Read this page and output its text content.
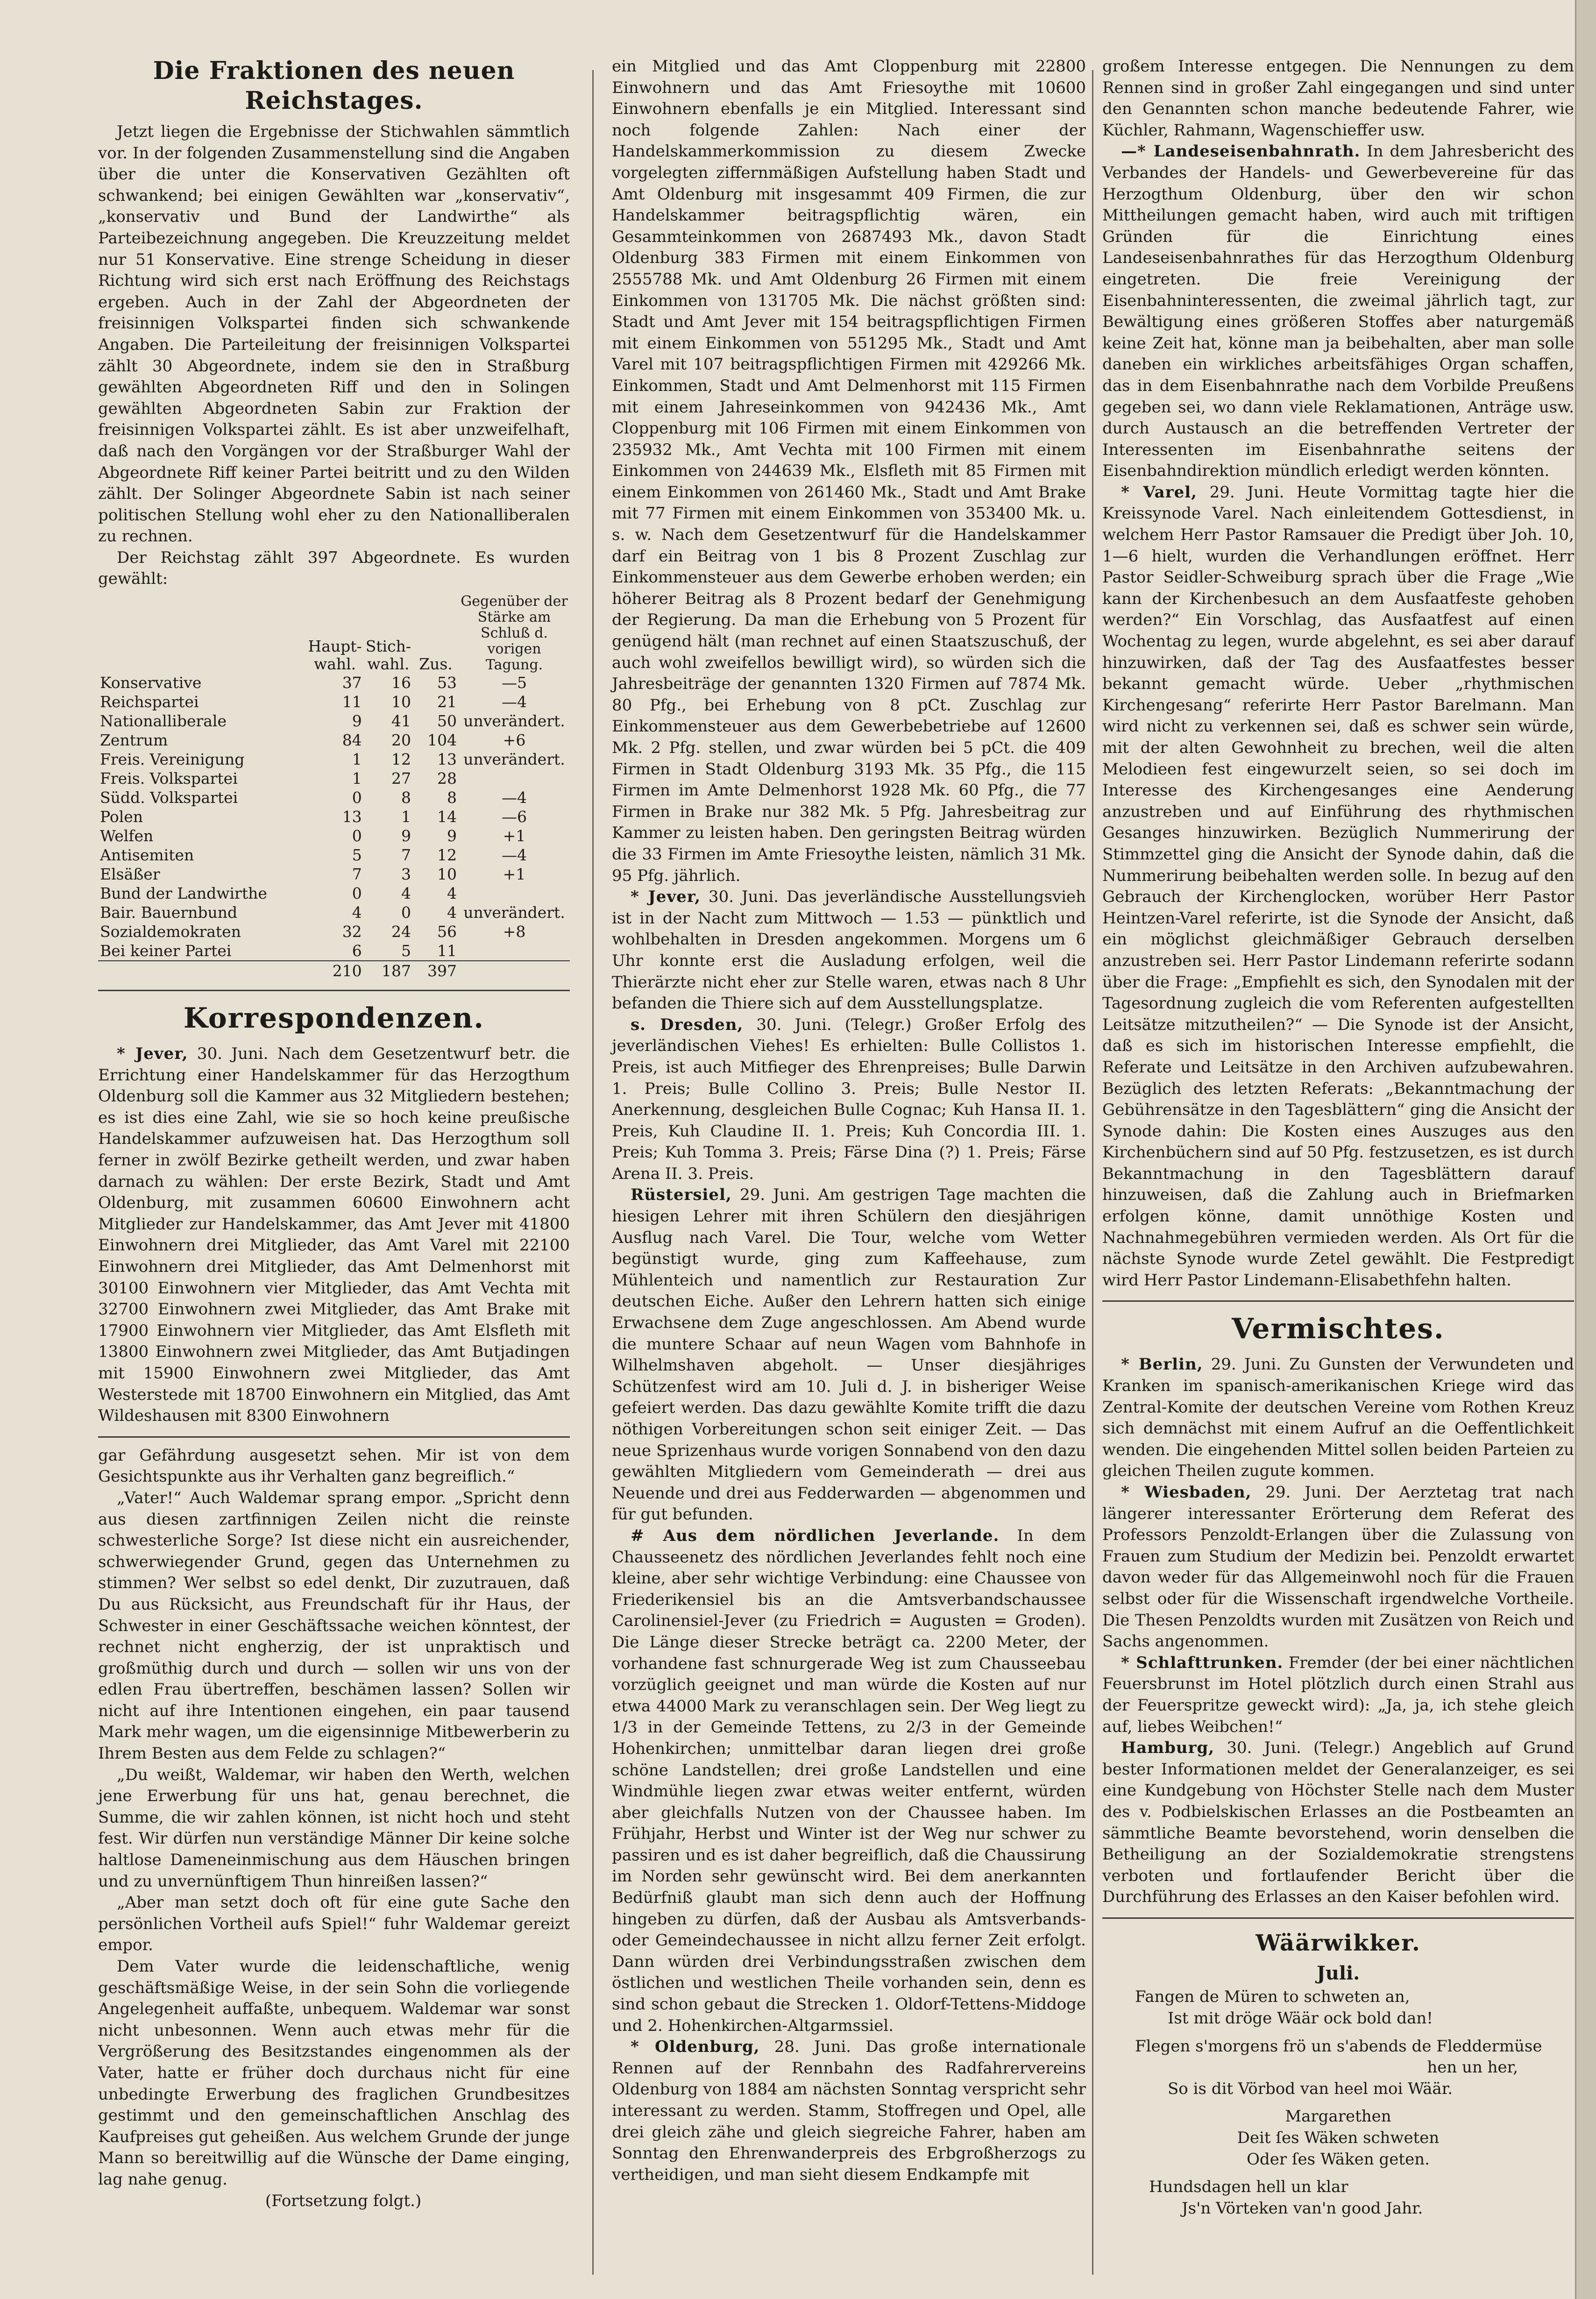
Die Fraktionen des neuen Reichstages.

Jetzt liegen die Ergebnisse der Stichwahlen sämmtlich vor. In der folgenden Zusammenstellung sind die Angaben über die unter die Konservativen Gezählten oft schwankend; bei einigen Gewählten war „konservativ“, „konservativ und Bund der Landwirthe“ als Parteibezeichnung angegeben. Die Kreuzzeitung meldet nur 51 Konservative. Eine strenge Scheidung in dieser Richtung wird sich erst nach Eröffnung des Reichstags ergeben. Auch in der Zahl der Abgeordneten der freisinnigen Volkspartei finden sich schwankende Angaben. Die Parteileitung der freisinnigen Volkspartei zählt 30 Abgeordnete, indem sie den in Straßburg gewählten Abgeordneten Riff und den in Solingen gewählten Abgeordneten Sabin zur Fraktion der freisinnigen Volkspartei zählt. Es ist aber unzweifelhaft, daß nach den Vorgängen vor der Straßburger Wahl der Abgeordnete Riff keiner Partei beitritt und zu den Wilden zählt. Der Solinger Abgeordnete Sabin ist nach seiner politischen Stellung wohl eher zu den Nationalliberalen zu rechnen.

Der Reichstag zählt 397 Abgeordnete. Es wurden gewählt:

	Haupt-wahl.	Stich-wahl.	Zus.	Gegenüber der Stärke am Schluß d. vorigen Tagung.
Konservative	37	16	53	—5
Reichspartei	11	10	21	—4
Nationalliberale	9	41	50	unverändert.
Zentrum	84	20	104	+6
Freis. Vereinigung	1	12	13	unverändert.
Freis. Volkspartei	1	27	28	
Südd. Volkspartei	0	8	8	—4
Polen	13	1	14	—6
Welfen	0	9	9	+1
Antisemiten	5	7	12	—4
Elsäßer	7	3	10	+1
Bund der Landwirthe	0	4	4	
Bair. Bauernbund	4	0	4	unverändert.
Sozialdemokraten	32	24	56	+8
Bei keiner Partei	6	5	11	
	210	187	397	
Korrespondenzen.

* Jever, 30. Juni. Nach dem Gesetzentwurf betr. die Errichtung einer Handelskammer für das Herzogthum Oldenburg soll die Kammer aus 32 Mitgliedern bestehen; es ist dies eine Zahl, wie sie so hoch keine preußische Handelskammer aufzuweisen hat. Das Herzogthum soll ferner in zwölf Bezirke getheilt werden, und zwar haben darnach zu wählen: Der erste Bezirk, Stadt und Amt Oldenburg, mit zusammen 60600 Einwohnern acht Mitglieder zur Handelskammer, das Amt Jever mit 41800 Einwohnern drei Mitglieder, das Amt Varel mit 22100 Einwohnern drei Mitglieder, das Amt Delmenhorst mit 30100 Einwohnern vier Mitglieder, das Amt Vechta mit 32700 Einwohnern zwei Mitglieder, das Amt Brake mit 17900 Einwohnern vier Mitglieder, das Amt Elsfleth mit 13800 Einwohnern zwei Mitglieder, das Amt Butjadingen mit 15900 Einwohnern zwei Mitglieder, das Amt Westerstede mit 18700 Einwohnern ein Mitglied, das Amt Wildeshausen mit 8300 Einwohnern

gar Gefährdung ausgesetzt sehen. Mir ist von dem Gesichtspunkte aus ihr Verhalten ganz begreiflich.“

„Vater!“ Auch Waldemar sprang empor. „Spricht denn aus diesen zartfinnigen Zeilen nicht die reinste schwesterliche Sorge? Ist diese nicht ein ausreichender, schwerwiegender Grund, gegen das Unternehmen zu stimmen? Wer selbst so edel denkt, Dir zuzutrauen, daß Du aus Rücksicht, aus Freundschaft für ihr Haus, der Schwester in einer Geschäftssache weichen könntest, der rechnet nicht engherzig, der ist unpraktisch und großmüthig durch und durch — sollen wir uns von der edlen Frau übertreffen, beschämen lassen? Sollen wir nicht auf ihre Intentionen eingehen, ein paar tausend Mark mehr wagen, um die eigensinnige Mitbewerberin zu Ihrem Besten aus dem Felde zu schlagen?“

„Du weißt, Waldemar, wir haben den Werth, welchen jene Erwerbung für uns hat, genau berechnet, die Summe, die wir zahlen können, ist nicht hoch und steht fest. Wir dürfen nun verständige Männer Dir keine solche haltlose Dameneinmischung aus dem Häuschen bringen und zu unvernünftigem Thun hinreißen lassen?“

„Aber man setzt doch oft für eine gute Sache den persönlichen Vortheil aufs Spiel!“ fuhr Waldemar gereizt empor.

Dem Vater wurde die leidenschaftliche, wenig geschäftsmäßige Weise, in der sein Sohn die vorliegende Angelegenheit auffaßte, unbequem. Waldemar war sonst nicht unbesonnen. Wenn auch etwas mehr für die Vergrößerung des Besitzstandes eingenommen als der Vater, hatte er früher doch durchaus nicht für eine unbedingte Erwerbung des fraglichen Grundbesitzes gestimmt und den gemeinschaftlichen Anschlag des Kaufpreises gut geheißen. Aus welchem Grunde der junge Mann so bereitwillig auf die Wünsche der Dame einging, lag nahe genug.

(Fortsetzung folgt.)

ein Mitglied und das Amt Cloppenburg mit 22800 Einwohnern und das Amt Friesoythe mit 10600 Einwohnern ebenfalls je ein Mitglied. Interessant sind noch folgende Zahlen: Nach einer der Handelskammerkommission zu diesem Zwecke vorgelegten ziffernmäßigen Aufstellung haben Stadt und Amt Oldenburg mit insgesammt 409 Firmen, die zur Handelskammer beitragspflichtig wären, ein Gesammteinkommen von 2687493 Mk., davon Stadt Oldenburg 383 Firmen mit einem Einkommen von 2555788 Mk. und Amt Oldenburg 26 Firmen mit einem Einkommen von 131705 Mk. Die nächst größten sind: Stadt und Amt Jever mit 154 beitragspflichtigen Firmen mit einem Einkommen von 551295 Mk., Stadt und Amt Varel mit 107 beitragspflichtigen Firmen mit 429266 Mk. Einkommen, Stadt und Amt Delmenhorst mit 115 Firmen mit einem Jahreseinkommen von 942436 Mk., Amt Cloppenburg mit 106 Firmen mit einem Einkommen von 235932 Mk., Amt Vechta mit 100 Firmen mit einem Einkommen von 244639 Mk., Elsfleth mit 85 Firmen mit einem Einkommen von 261460 Mk., Stadt und Amt Brake mit 77 Firmen mit einem Einkommen von 353400 Mk. u. s. w. Nach dem Gesetzentwurf für die Handelskammer darf ein Beitrag von 1 bis 8 Prozent Zuschlag zur Einkommensteuer aus dem Gewerbe erhoben werden; ein höherer Beitrag als 8 Prozent bedarf der Genehmigung der Regierung. Da man die Erhebung von 5 Prozent für genügend hält (man rechnet auf einen Staatszuschuß, der auch wohl zweifellos bewilligt wird), so würden sich die Jahresbeiträge der genannten 1320 Firmen auf 7874 Mk. 80 Pfg., bei Erhebung von 8 pCt. Zuschlag zur Einkommensteuer aus dem Gewerbebetriebe auf 12600 Mk. 2 Pfg. stellen, und zwar würden bei 5 pCt. die 409 Firmen in Stadt Oldenburg 3193 Mk. 35 Pfg., die 115 Firmen im Amte Delmenhorst 1928 Mk. 60 Pfg., die 77 Firmen in Brake nur 382 Mk. 5 Pfg. Jahresbeitrag zur Kammer zu leisten haben. Den geringsten Beitrag würden die 33 Firmen im Amte Friesoythe leisten, nämlich 31 Mk. 95 Pfg. jährlich.

* Jever, 30. Juni. Das jeverländische Ausstellungsvieh ist in der Nacht zum Mittwoch — 1.53 — pünktlich und wohlbehalten in Dresden angekommen. Morgens um 6 Uhr konnte erst die Ausladung erfolgen, weil die Thierärzte nicht eher zur Stelle waren, etwas nach 8 Uhr befanden die Thiere sich auf dem Ausstellungsplatze.

s. Dresden, 30. Juni. (Telegr.) Großer Erfolg des jeverländischen Viehes! Es erhielten: Bulle Collistos 1. Preis, ist auch Mitfieger des Ehrenpreises; Bulle Darwin 1. Preis; Bulle Collino 3. Preis; Bulle Nestor II. Anerkennung, desgleichen Bulle Cognac; Kuh Hansa II. 1. Preis, Kuh Claudine II. 1. Preis; Kuh Concordia III. 1. Preis; Kuh Tomma 3. Preis; Färse Dina (?) 1. Preis; Färse Arena II. 3. Preis.

Rüstersiel, 29. Juni. Am gestrigen Tage machten die hiesigen Lehrer mit ihren Schülern den diesjährigen Ausflug nach Varel. Die Tour, welche vom Wetter begünstigt wurde, ging zum Kaffeehause, zum Mühlenteich und namentlich zur Restauration Zur deutschen Eiche. Außer den Lehrern hatten sich einige Erwachsene dem Zuge angeschlossen. Am Abend wurde die muntere Schaar auf neun Wagen vom Bahnhofe in Wilhelmshaven abgeholt. — Unser diesjähriges Schützenfest wird am 10. Juli d. J. in bisheriger Weise gefeiert werden. Das dazu gewählte Komite trifft die dazu nöthigen Vorbereitungen schon seit einiger Zeit. — Das neue Sprizenhaus wurde vorigen Sonnabend von den dazu gewählten Mitgliedern vom Gemeinderath — drei aus Neuende und drei aus Fedderwarden — abgenommen und für gut befunden.

# Aus dem nördlichen Jeverlande. In dem Chausseenetz des nördlichen Jeverlandes fehlt noch eine kleine, aber sehr wichtige Verbindung: eine Chaussee von Friederikensiel bis an die Amtsverbandschaussee Carolinensiel-Jever (zu Friedrich = Augusten = Groden). Die Länge dieser Strecke beträgt ca. 2200 Meter, der vorhandene fast schnurgerade Weg ist zum Chausseebau vorzüglich geeignet und man würde die Kosten auf nur etwa 44000 Mark zu veranschlagen sein. Der Weg liegt zu 1/3 in der Gemeinde Tettens, zu 2/3 in der Gemeinde Hohenkirchen; unmittelbar daran liegen drei große schöne Landstellen; drei große Landstellen und eine Windmühle liegen zwar etwas weiter entfernt, würden aber gleichfalls Nutzen von der Chaussee haben. Im Frühjahr, Herbst und Winter ist der Weg nur schwer zu passiren und es ist daher begreiflich, daß die Chaussirung im Norden sehr gewünscht wird. Bei dem anerkannten Bedürfniß glaubt man sich denn auch der Hoffnung hingeben zu dürfen, daß der Ausbau als Amtsverbands- oder Gemeindechaussee in nicht allzu ferner Zeit erfolgt. Dann würden drei Verbindungsstraßen zwischen dem östlichen und westlichen Theile vorhanden sein, denn es sind schon gebaut die Strecken 1. Oldorf-Tettens-Middoge und 2. Hohenkirchen-Altgarmssiel.

* Oldenburg, 28. Juni. Das große internationale Rennen auf der Rennbahn des Radfahrervereins Oldenburg von 1884 am nächsten Sonntag verspricht sehr interessant zu werden. Stamm, Stoffregen und Opel, alle drei gleich zähe und gleich siegreiche Fahrer, haben am Sonntag den Ehrenwanderpreis des Erbgroßherzogs zu vertheidigen, und man sieht diesem Endkampfe mit

großem Interesse entgegen. Die Nennungen zu dem Rennen sind in großer Zahl eingegangen und sind unter den Genannten schon manche bedeutende Fahrer, wie Küchler, Rahmann, Wagenschieffer usw.

—* Landeseisenbahnrath. In dem Jahresbericht des Verbandes der Handels- und Gewerbevereine für das Herzogthum Oldenburg, über den wir schon Mittheilungen gemacht haben, wird auch mit triftigen Gründen für die Einrichtung eines Landeseisenbahnrathes für das Herzogthum Oldenburg eingetreten. Die freie Vereinigung der Eisenbahninteressenten, die zweimal jährlich tagt, zur Bewältigung eines größeren Stoffes aber naturgemäß keine Zeit hat, könne man ja beibehalten, aber man solle daneben ein wirkliches arbeitsfähiges Organ schaffen, das in dem Eisenbahnrathe nach dem Vorbilde Preußens gegeben sei, wo dann viele Reklamationen, Anträge usw. durch Austausch an die betreffenden Vertreter der Interessenten im Eisenbahnrathe seitens der Eisenbahndirektion mündlich erledigt werden könnten.

* Varel, 29. Juni. Heute Vormittag tagte hier die Kreissynode Varel. Nach einleitendem Gottesdienst, in welchem Herr Pastor Ramsauer die Predigt über Joh. 10, 1—6 hielt, wurden die Verhandlungen eröffnet. Herr Pastor Seidler-Schweiburg sprach über die Frage „Wie kann der Kirchenbesuch an dem Ausfaatfeste gehoben werden?“ Ein Vorschlag, das Ausfaatfest auf einen Wochentag zu legen, wurde abgelehnt, es sei aber darauf hinzuwirken, daß der Tag des Ausfaatfestes besser bekannt gemacht würde. Ueber „rhythmischen Kirchengesang“ referirte Herr Pastor Barelmann. Man wird nicht zu verkennen sei, daß es schwer sein würde, mit der alten Gewohnheit zu brechen, weil die alten Melodieen fest eingewurzelt seien, so sei doch im Interesse des Kirchengesanges eine Aenderung anzustreben und auf Einführung des rhythmischen Gesanges hinzuwirken. Bezüglich Nummerirung der Stimmzettel ging die Ansicht der Synode dahin, daß die Nummerirung beibehalten werden solle. In bezug auf den Gebrauch der Kirchenglocken, worüber Herr Pastor Heintzen-Varel referirte, ist die Synode der Ansicht, daß ein möglichst gleichmäßiger Gebrauch derselben anzustreben sei. Herr Pastor Lindemann referirte sodann über die Frage: „Empfiehlt es sich, den Synodalen mit der Tagesordnung zugleich die vom Referenten aufgestellten Leitsätze mitzutheilen?“ — Die Synode ist der Ansicht, daß es sich im historischen Interesse empfiehlt, die Referate und Leitsätze in den Archiven aufzubewahren. Bezüglich des letzten Referats: „Bekanntmachung der Gebührensätze in den Tagesblättern“ ging die Ansicht der Synode dahin: Die Kosten eines Auszuges aus den Kirchenbüchern sind auf 50 Pfg. festzusetzen, es ist durch Bekanntmachung in den Tagesblättern darauf hinzuweisen, daß die Zahlung auch in Briefmarken erfolgen könne, damit unnöthige Kosten und Nachnahmegebühren vermieden werden. Als Ort für die nächste Synode wurde Zetel gewählt. Die Festpredigt wird Herr Pastor Lindemann-Elisabethfehn halten.

Vermischtes.

* Berlin, 29. Juni. Zu Gunsten der Verwundeten und Kranken im spanisch-amerikanischen Kriege wird das Zentral-Komite der deutschen Vereine vom Rothen Kreuz sich demnächst mit einem Aufruf an die Oeffentlichkeit wenden. Die eingehenden Mittel sollen beiden Parteien zu gleichen Theilen zugute kommen.

* Wiesbaden, 29. Juni. Der Aerztetag trat nach längerer interessanter Erörterung dem Referat des Professors Penzoldt-Erlangen über die Zulassung von Frauen zum Studium der Medizin bei. Penzoldt erwartet davon weder für das Allgemeinwohl noch für die Frauen selbst oder für die Wissenschaft irgendwelche Vortheile. Die Thesen Penzoldts wurden mit Zusätzen von Reich und Sachs angenommen.

* Schlafttrunken. Fremder (der bei einer nächtlichen Feuersbrunst im Hotel plötzlich durch einen Strahl aus der Feuerspritze geweckt wird): „Ja, ja, ich stehe gleich auf, liebes Weibchen!“

Hamburg, 30. Juni. (Telegr.) Angeblich auf Grund bester Informationen meldet der Generalanzeiger, es sei eine Kundgebung von Höchster Stelle nach dem Muster des v. Podbielskischen Erlasses an die Postbeamten an sämmtliche Beamte bevorstehend, worin denselben die Betheiligung an der Sozialdemokratie strengstens verboten und fortlaufender Bericht über die Durchführung des Erlasses an den Kaiser befohlen wird.

Wäärwikker.
Juli.

Fangen de Müren to schweten an,

Ist mit dröge Wäär ock bold dan!

Flegen s'morgens frö un s'abends de Fleddermüse

hen un her,

So is dit Vörbod van heel moi Wäär.

Margarethen

Deit ſes Wäken schweten

Oder ſes Wäken geten.

Hundsdagen hell un klar

Js'n Vörteken van'n good Jahr.
